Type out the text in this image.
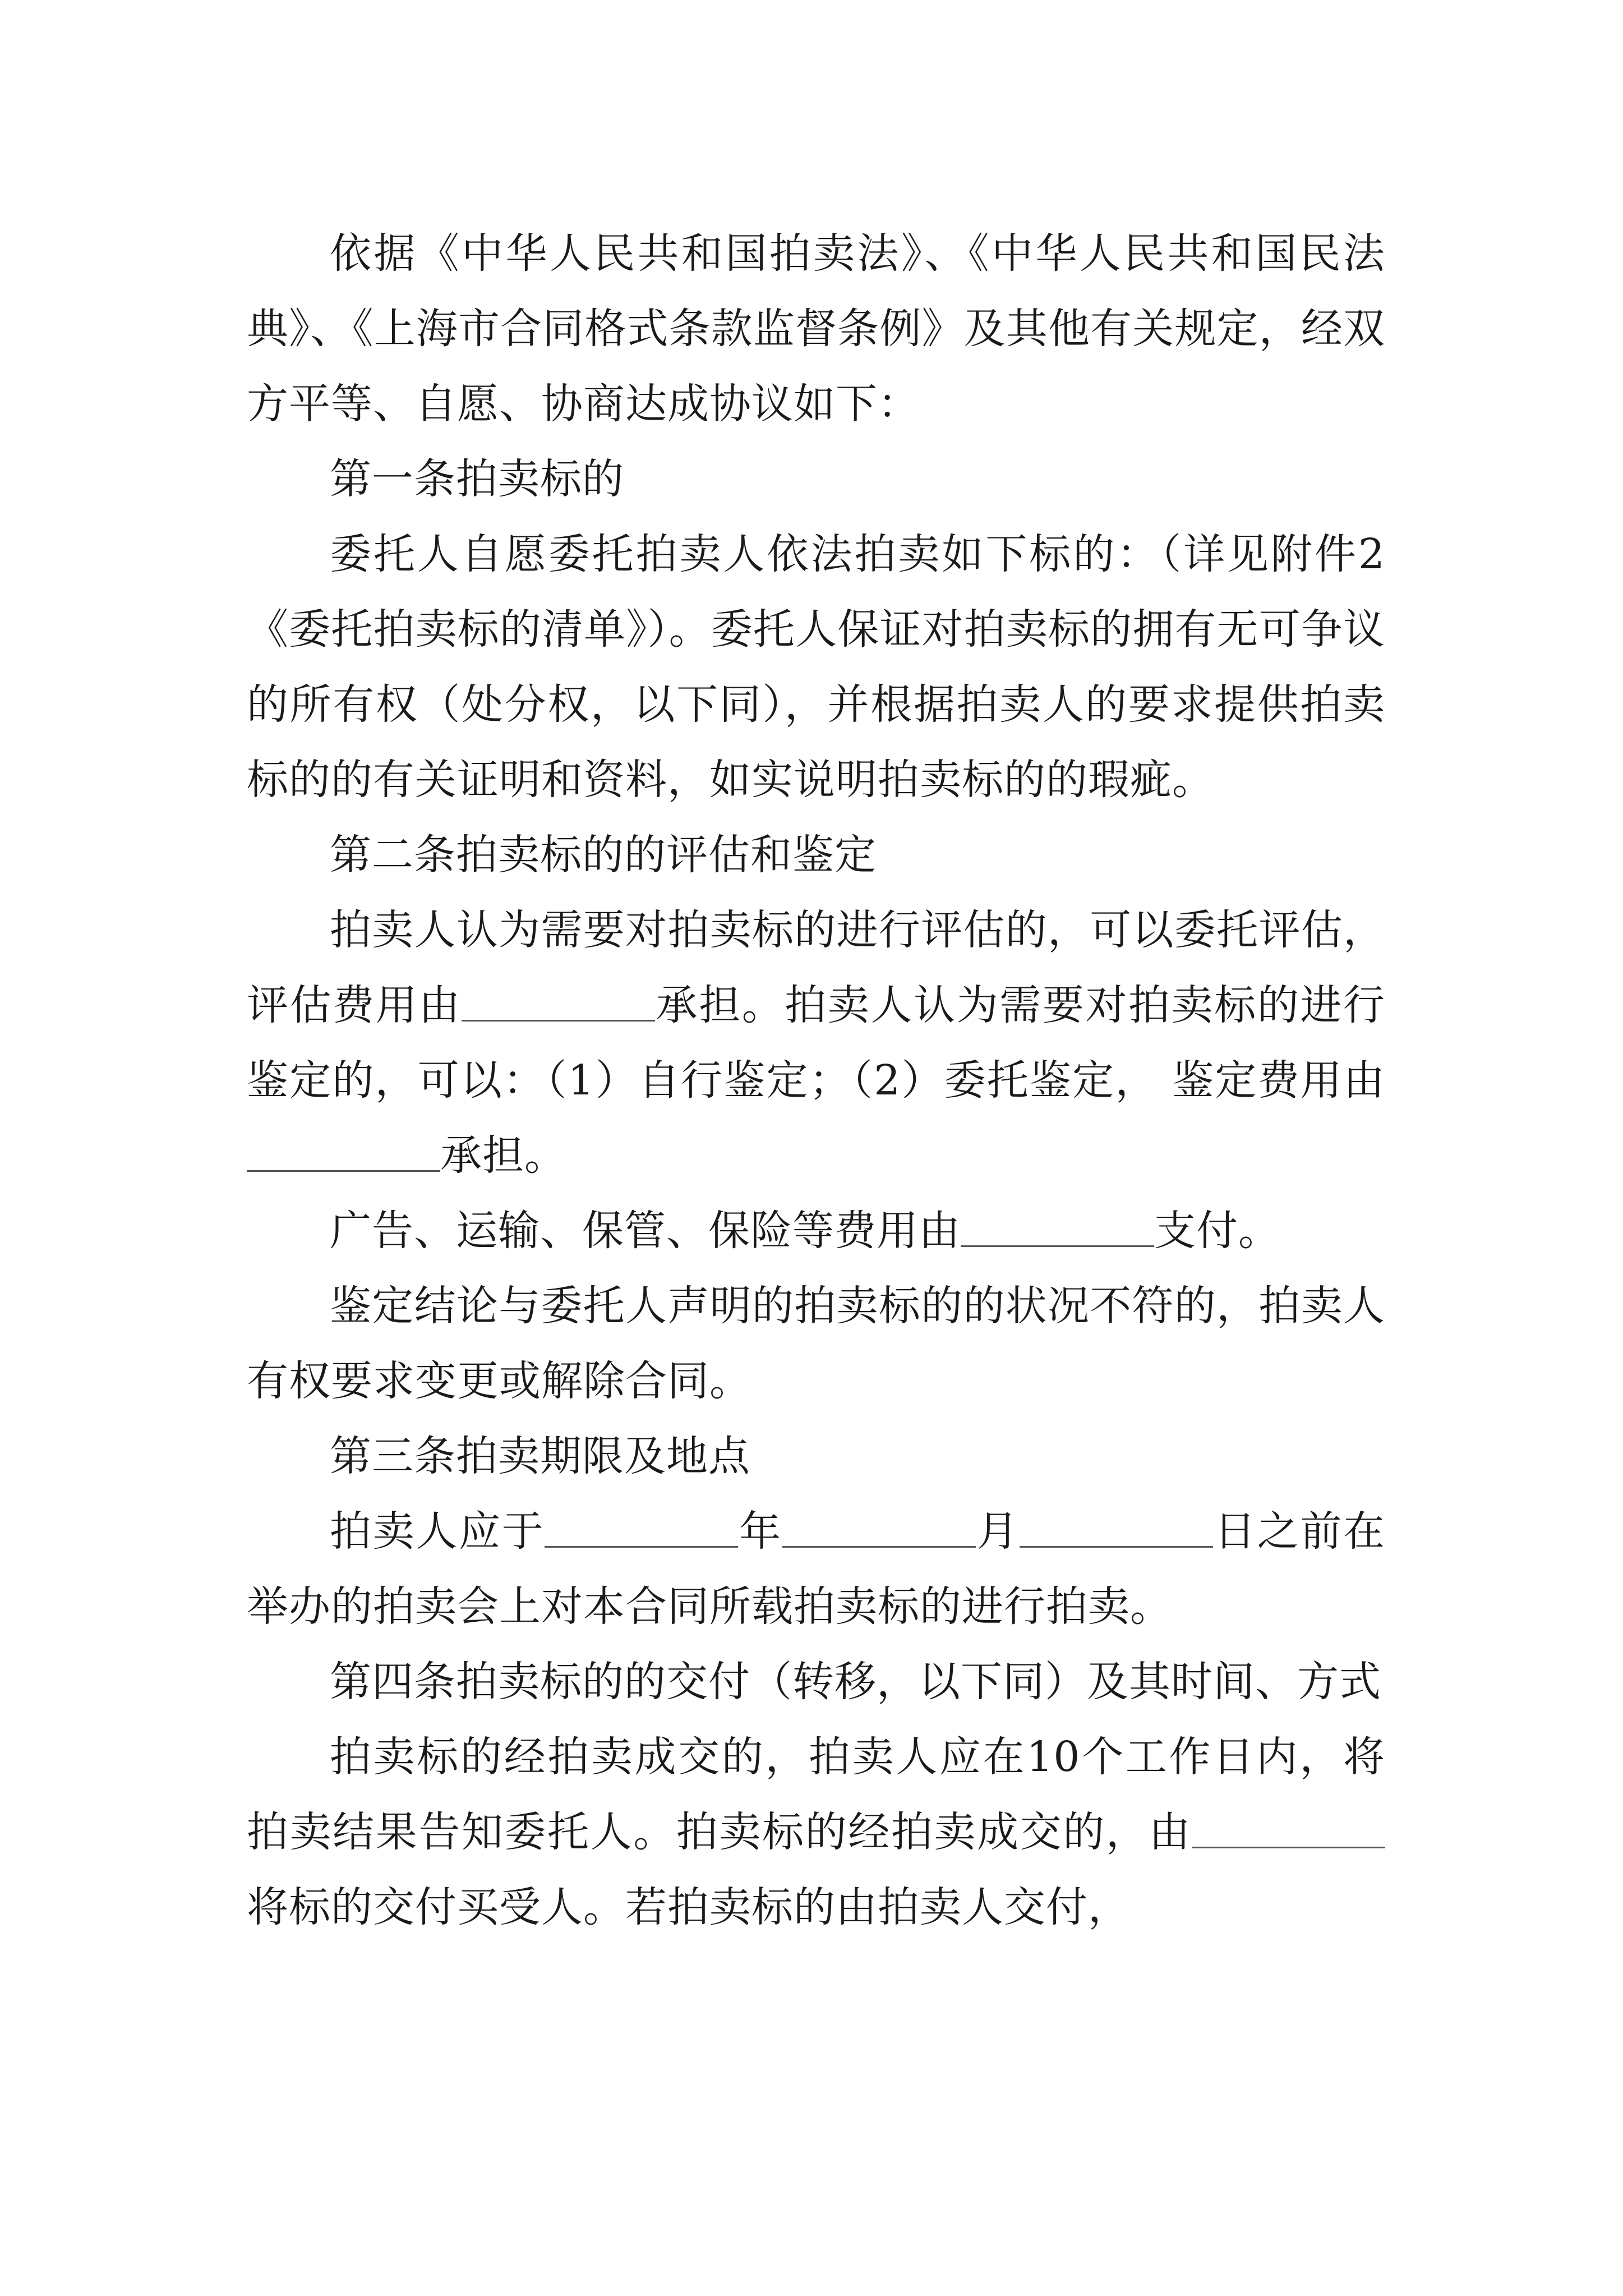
依据《中华人民共和国拍卖法》、《中华人民共和国民法典》、《上海市合同格式条款监督条例》及其他有关规定，经双方平等、自愿、协商达成协议如下：

第一条拍卖标的

委托人自愿委托拍卖人依法拍卖如下标的：（详见附件2《委托拍卖标的清单》）。委托人保证对拍卖标的拥有无可争议的所有权（处分权，以下同），并根据拍卖人的要求提供拍卖标的的有关证明和资料，如实说明拍卖标的的瑕疵。

第二条拍卖标的的评估和鉴定

拍卖人认为需要对拍卖标的进行评估的，可以委托评估，评估费用由	承担。拍卖人认为需要对拍卖标的进行鉴定的，可以：（1）自行鉴定；（2）委托鉴定， 鉴定费用由承担。

广告、运输、保管、保险等费用由	支付。

鉴定结论与委托人声明的拍卖标的的状况不符的，拍卖人有权要求变更或解除合同。

第三条拍卖期限及地点

拍卖人应于	年	月	日之前在举办的拍卖会上对本合同所载拍卖标的进行拍卖。

第四条拍卖标的的交付（转移，以下同）及其时间、方式

拍卖标的经拍卖成交的，拍卖人应在10个工作日内，将拍卖结果告知委托人。拍卖标的经拍卖成交的，由将标的交付买受人。若拍卖标的由拍卖人交付，
